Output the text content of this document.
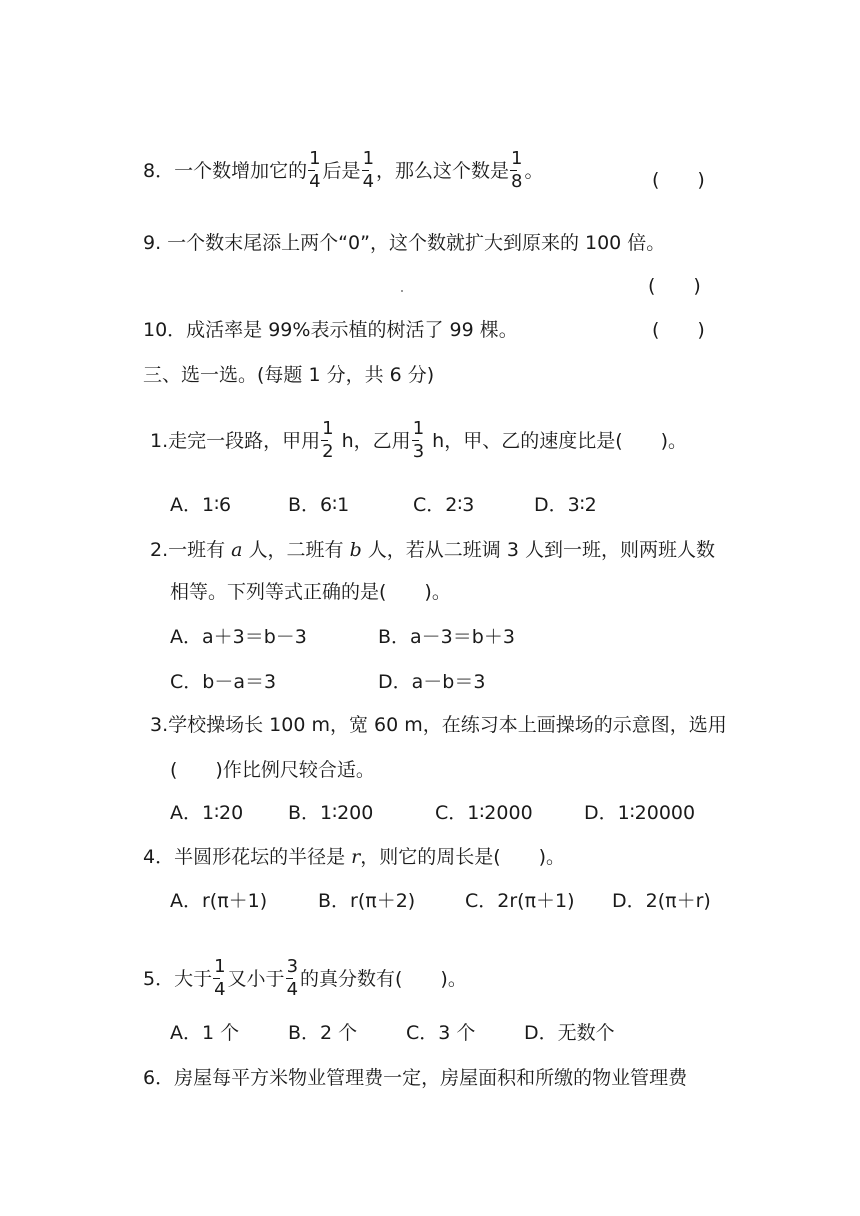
8．一个数增加它的 $\frac{1}{4}$ 后是 $\frac{1}{4}$ ，那么这个数是 $\frac{1}{8}$ 。	(　　)
9. 一个数末尾添上两个“0”，这个数就扩大到原来的 100 倍。
(　　)
10．成活率是 99%表示植的树活了 99 棵。	(　　)
三、选一选。(每题 1 分，共 6 分)
1.走完一段路，甲用 $\frac{1}{2}$ h，乙用 $\frac{1}{3}$ h，甲、乙的速度比是(　　)。
A．1∶6	B．6∶1	C．2∶3	D．3∶2
2.一班有 a 人，二班有 b 人，若从二班调 3 人到一班，则两班人数
相等。下列等式正确的是(　　)。
A．a＋3＝b－3	B．a－3＝b＋3
C．b－a＝3	D．a－b＝3
3.学校操场长 100 m，宽 60 m，在练习本上画操场的示意图，选用
(　　)作比例尺较合适。
A．1∶20 B．1∶200	C．1∶2000	D．1∶20000
4．半圆形花坛的半径是 r，则它的周长是(　　)。
A．r(π＋1)	B．r(π＋2)	C．2r(π＋1) D．2(π＋r)
5．大于 $\frac{1}{4}$ 又小于 $\frac{3}{4}$ 的真分数有(　　)。
A．1 个	B．2 个	C．3 个	D．无数个
6．房屋每平方米物业管理费一定，房屋面积和所缴的物业管理费
